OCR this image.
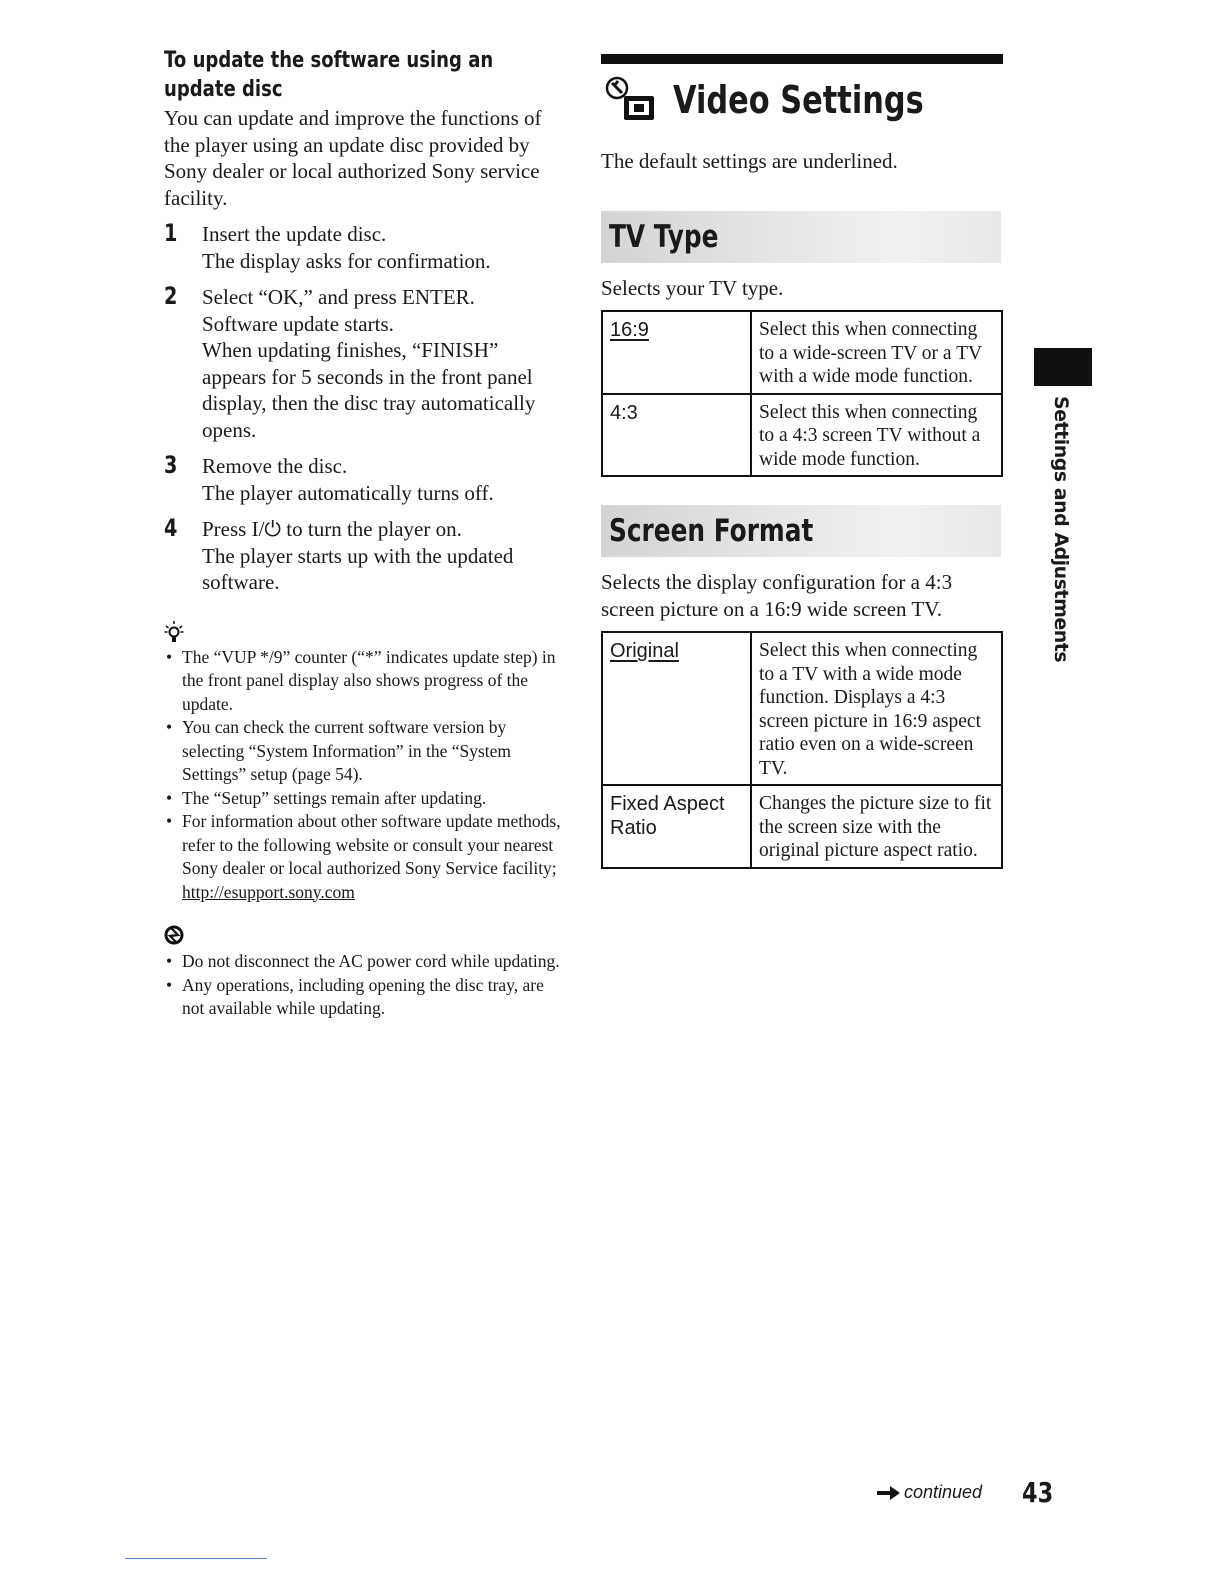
To update the software using an update disc
You can update and improve the functions of the player using an update disc provided by Sony dealer or local authorized Sony service facility.
1 Insert the update disc.
The display asks for confirmation.
2 Select “OK,” and press ENTER.
Software update starts.
When updating finishes, “FINISH” appears for 5 seconds in the front panel display, then the disc tray automatically opens.
3 Remove the disc.
The player automatically turns off.
4 Press I/⏻ to turn the player on.
The player starts up with the updated software.
• The “VUP */9” counter (“*” indicates update step) in the front panel display also shows progress of the update.
• You can check the current software version by selecting “System Information” in the “System Settings” setup (page 54).
• The “Setup” settings remain after updating.
• For information about other software update methods, refer to the following website or consult your nearest Sony dealer or local authorized Sony Service facility;
http://esupport.sony.com
• Do not disconnect the AC power cord while updating.
• Any operations, including opening the disc tray, are not available while updating.
Video Settings
The default settings are underlined.
TV Type
Selects your TV type.
16:9	Select this when connecting to a wide-screen TV or a TV with a wide mode function.
4:3	Select this when connecting to a 4:3 screen TV without a wide mode function.
Screen Format
Selects the display configuration for a 4:3 screen picture on a 16:9 wide screen TV.
Original	Select this when connecting to a TV with a wide mode function. Displays a 4:3 screen picture in 16:9 aspect ratio even on a wide-screen TV.
Fixed Aspect Ratio	Changes the picture size to fit the screen size with the original picture aspect ratio.
Settings and Adjustments
continued 43
